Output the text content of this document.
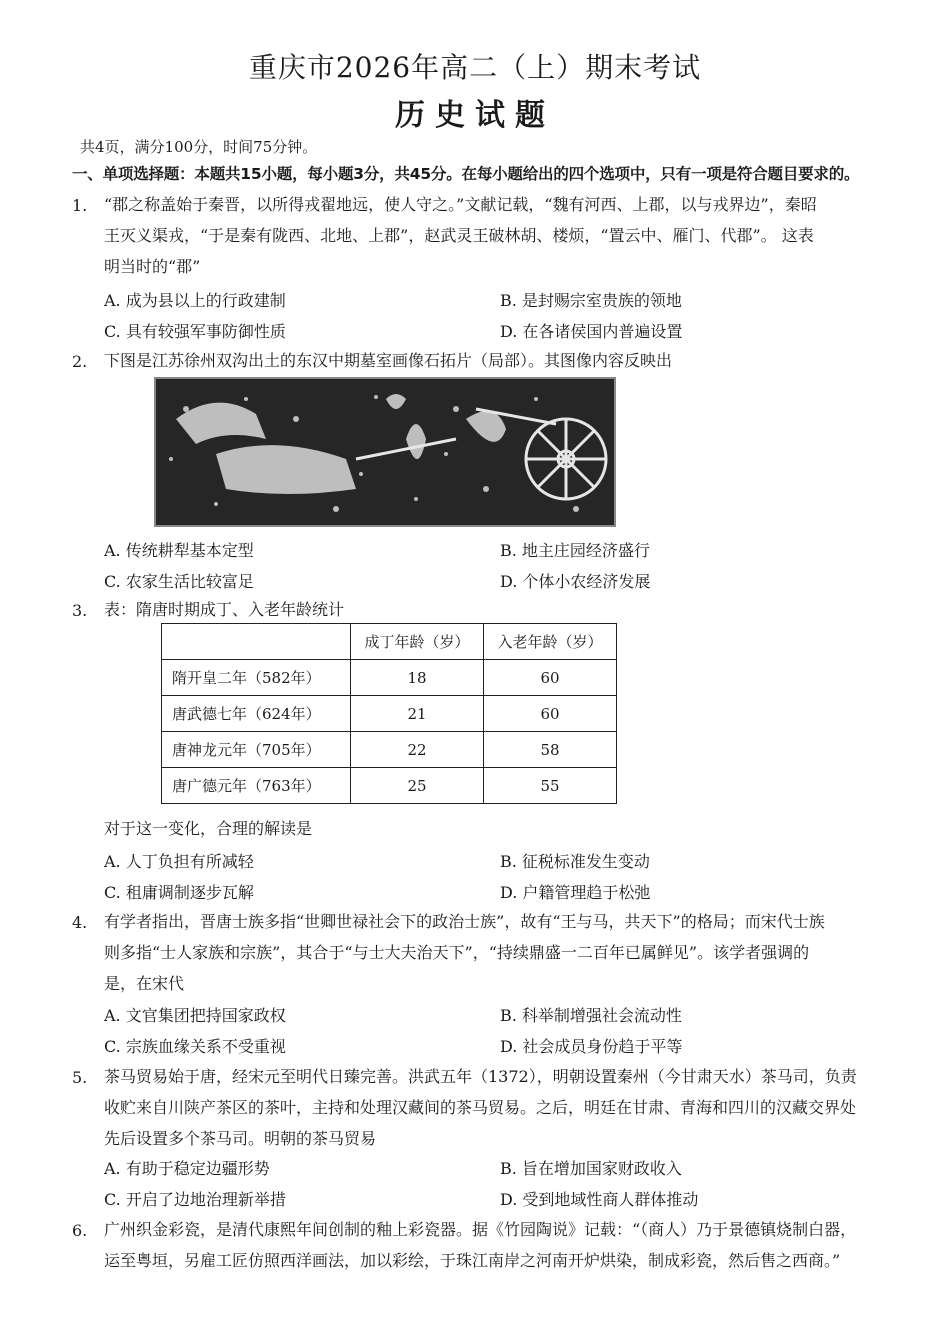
重庆市2026年高二（上）期末考试
历史试题
共4页，满分100分，时间75分钟。
一、单项选择题：本题共15小题，每小题3分，共45分。在每小题给出的四个选项中，只有一项是符合题目要求的。
1. “郡之称盖始于秦晋，以所得戎翟地远，使人守之。”文献记载，“魏有河西、上郡，以与戎界边”，秦昭
王灭义渠戎，“于是秦有陇西、北地、上郡”，赵武灵王破林胡、楼烦，“置云中、雁门、代郡”。 这表
明当时的“郡”
A. 成为县以上的行政建制	B. 是封赐宗室贵族的领地
C. 具有较强军事防御性质	D. 在各诸侯国内普遍设置
2. 下图是江苏徐州双沟出土的东汉中期墓室画像石拓片（局部）。其图像内容反映出
A. 传统耕犁基本定型	B. 地主庄园经济盛行
C. 农家生活比较富足	D. 个体小农经济发展
3. 表：隋唐时期成丁、入老年龄统计
	成丁年龄（岁）	入老年龄（岁）
隋开皇二年（582年）	18	60
唐武德七年（624年）	21	60
唐神龙元年（705年）	22	58
唐广德元年（763年）	25	55
对于这一变化，合理的解读是
A. 人丁负担有所减轻	B. 征税标准发生变动
C. 租庸调制逐步瓦解	D. 户籍管理趋于松弛
4. 有学者指出，晋唐士族多指“世卿世禄社会下的政治士族”，故有“王与马，共天下”的格局；而宋代士族
则多指“士人家族和宗族”，其合于“与士大夫治天下”，“持续鼎盛一二百年已属鲜见”。该学者强调的
是，在宋代
A. 文官集团把持国家政权	B. 科举制增强社会流动性
C. 宗族血缘关系不受重视	D. 社会成员身份趋于平等
5. 茶马贸易始于唐，经宋元至明代日臻完善。洪武五年（1372），明朝设置秦州（今甘肃天水）茶马司，负责
收贮来自川陕产茶区的茶叶，主持和处理汉藏间的茶马贸易。之后，明廷在甘肃、青海和四川的汉藏交界处
先后设置多个茶马司。明朝的茶马贸易
A. 有助于稳定边疆形势	B. 旨在增加国家财政收入
C. 开启了边地治理新举措	D. 受到地域性商人群体推动
6. 广州织金彩瓷，是清代康熙年间创制的釉上彩瓷器。据《竹园陶说》记载：“（商人）乃于景德镇烧制白器，
运至粤垣，另雇工匠仿照西洋画法，加以彩绘，于珠江南岸之河南开炉烘染，制成彩瓷，然后售之西商。”
